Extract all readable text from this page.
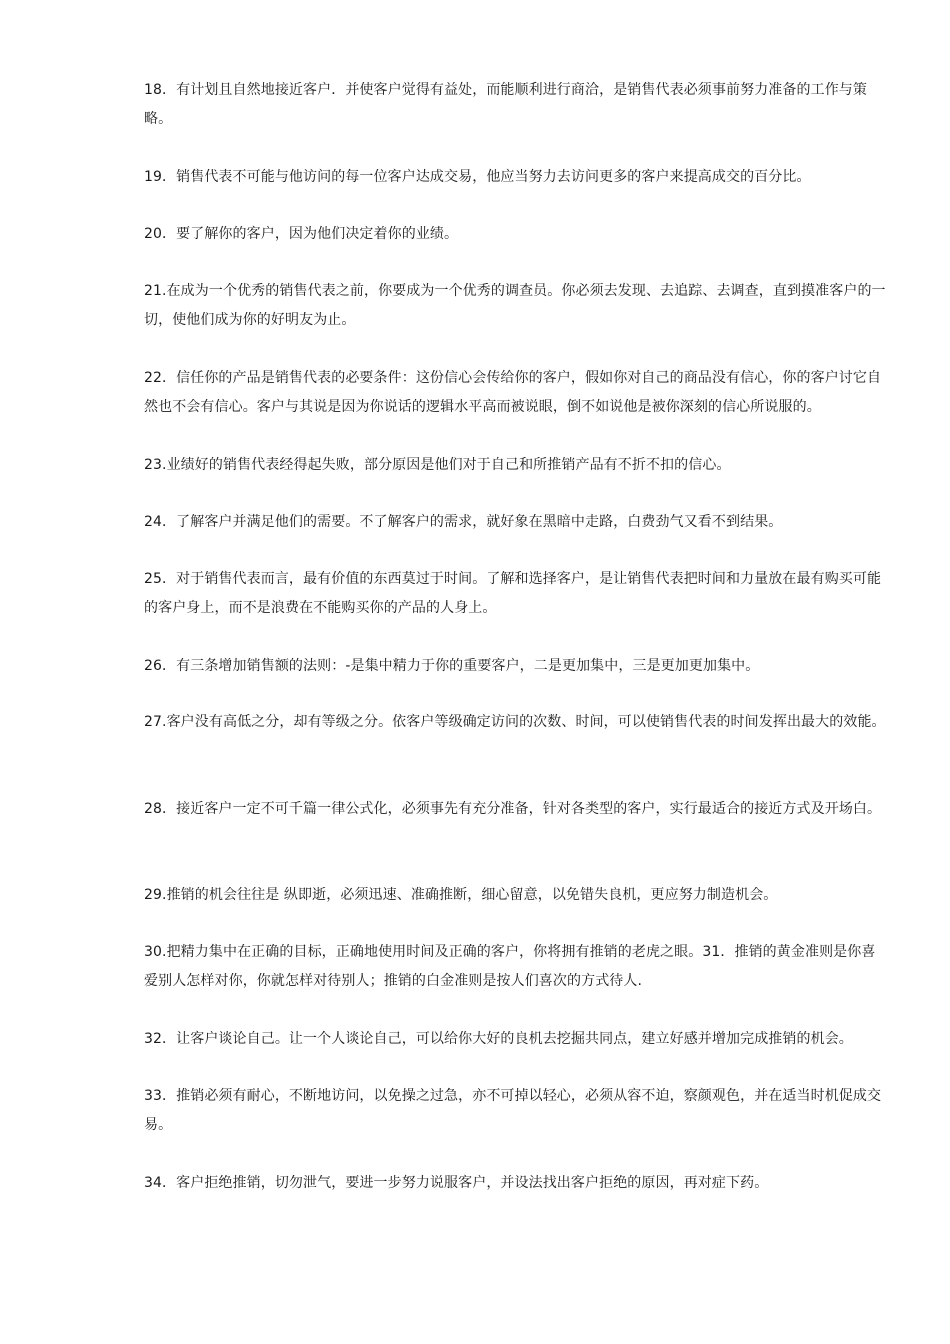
18．有计划且自然地接近客户．并使客户觉得有益处，而能顺利进行商洽，是销售代表必须事前努力准备的工作与策略。

19．销售代表不可能与他访问的每一位客户达成交易，他应当努力去访问更多的客户来提高成交的百分比。

20．要了解你的客户，因为他们决定着你的业绩。

21.在成为一个优秀的销售代表之前，你要成为一个优秀的调查员。你必须去发现、去追踪、去调查，直到摸准客户的一切，使他们成为你的好明友为止。

22．信任你的产品是销售代表的必要条件：这份信心会传给你的客户，假如你对自己的商品没有信心，你的客户讨它自然也不会有信心。客户与其说是因为你说话的逻辑水平高而被说眼，倒不如说他是被你深刻的信心所说服的。

23.业绩好的销售代表经得起失败，部分原因是他们对于自己和所推销产品有不折不扣的信心。

24．了解客户并满足他们的需要。不了解客户的需求，就好象在黑暗中走路，白费劲气又看不到结果。

25．对于销售代表而言，最有价值的东西莫过于时间。了解和选择客户，是让销售代表把时间和力量放在最有购买可能的客户身上，而不是浪费在不能购买你的产品的人身上。

26．有三条增加销售额的法则：-是集中精力于你的重要客户，二是更加集中，三是更加更加集中。

27.客户没有高低之分，却有等级之分。依客户等级确定访问的次数、时间，可以使销售代表的时间发挥出最大的效能。

28．接近客户一定不可千篇一律公式化，必须事先有充分准备，针对各类型的客户，实行最适合的接近方式及开场白。

29.推销的机会往往是 纵即逝，必须迅速、准确推断，细心留意，以免错失良机，更应努力制造机会。

30.把精力集中在正确的目标，正确地使用时间及正确的客户，你将拥有推销的老虎之眼。31．推销的黄金准则是你喜爱别人怎样对你，你就怎样对待别人；推销的白金准则是按人们喜次的方式待人.

32．让客户谈论自己。让一个人谈论自己，可以给你大好的良机去挖掘共同点，建立好感并增加完成推销的机会。

33．推销必须有耐心，不断地访问，以免操之过急，亦不可掉以轻心，必须从容不迫，察颜观色，并在适当时机促成交易。

34．客户拒绝推销，切勿泄气，要进一步努力说服客户，并设法找出客户拒绝的原因，再对症下药。
